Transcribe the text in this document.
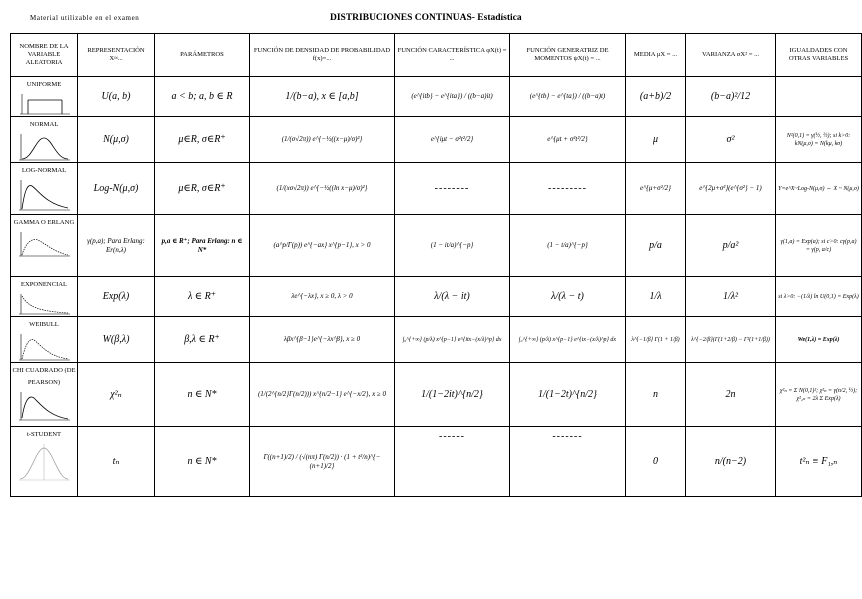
Material utilizable en el examen	DISTRIBUCIONES CONTINUAS- Estadística
NOMBRE DE LA VARIABLE ALEATORIA	REPRESENTACIÓN X≈...	PARÁMETROS	FUNCIÓN DE DENSIDAD DE PROBABILIDAD f(x)=...	FUNCIÓN CARACTERÍSTICA φX(t) = ...	FUNCIÓN GENERATRIZ DE MOMENTOS ψX(t) = ...	MEDIA μX = ...	VARIANZA σX² = ...	IGUALDADES CON OTRAS VARIABLES

UNIFORME	U(a, b)	a < b; a, b ∈ R	1/(b−a), x ∈ [a,b]	(e^{itb} − e^{ita}) / ((b−a)it)	(e^{tb} − e^{ta}) / ((b−a)t)	(a+b)/2	(b−a)²/12	

NORMAL	N(μ,σ)	μ∈R, σ∈R⁺	(1/(σ√2π)) e^{−½((x−μ)/σ)²}	e^{iμt − σ²t²/2}	e^{μt + σ²t²/2}	μ	σ²	N²(0,1) = γ(½, ½); si k>0: kN(μ,σ) = N(kμ, kσ)

LOG-NORMAL	Log-N(μ,σ)	μ∈R, σ∈R⁺	(1/(xσ√2π)) e^{−½((ln x−μ)/σ)²}	--------	---------	e^{μ+σ²/2}	e^{2μ+σ²}(e^{σ²} − 1)	Y=e^X~Log-N(μ,σ) ⇔ X ~ N(μ,σ)

GAMMA O ERLANG	γ(p,a); Para Erlang: Er(n,λ)	p,a ∈ R⁺; Para Erlang: n ∈ N*	(a^p/Γ(p)) e^{−ax} x^{p−1}, x > 0	(1 − it/a)^{−p}	(1 − t/a)^{−p}	p/a	p/a²	γ(1,a) = Exp(a); si c>0: cγ(p,a) = γ(p, a/c)

EXPONENCIAL	Exp(λ)	λ ∈ R⁺	λe^{−λx}, x ≥ 0, λ > 0	λ/(λ − it)	λ/(λ − t)	1/λ	1/λ²	si λ>0: −(1/λ) ln U(0,1) = Exp(λ)

WEIBULL	W(β,λ)	β,λ ∈ R⁺	λβx^{β−1}e^{−λx^β}, x ≥ 0	∫₀^{+∞} (p/λ) x^{p−1} e^{itx−(x/λ)^p} dx	∫₀^{+∞} (p/λ) x^{p−1} e^{tx−(x/λ)^p} dx	λ^{−1/β} Γ(1 + 1/β)	λ^{−2/β}(Γ(1+2/β) − Γ²(1+1/β))	We(1,λ) = Exp(λ)

CHI CUADRADO (DE PEARSON)	χ²ₙ	n ∈ N*	(1/(2^{n/2}Γ(n/2))) x^{n/2−1} e^{−x/2}, x ≥ 0	1/(1−2it)^{n/2}	1/(1−2t)^{n/2}	n	2n	χ²ₙ = Σ N(0,1)²; χ²ₙ = γ(n/2, ½); χ²₂ₙ = 2λ Σ Exp(λ)

t-STUDENT	tₙ	n ∈ N*	Γ((n+1)/2) / (√(nπ) Γ(n/2)) · (1 + t²/n)^{−(n+1)/2}	------	-------	0	n/(n−2)	t²ₙ ≡ F₁,ₙ
